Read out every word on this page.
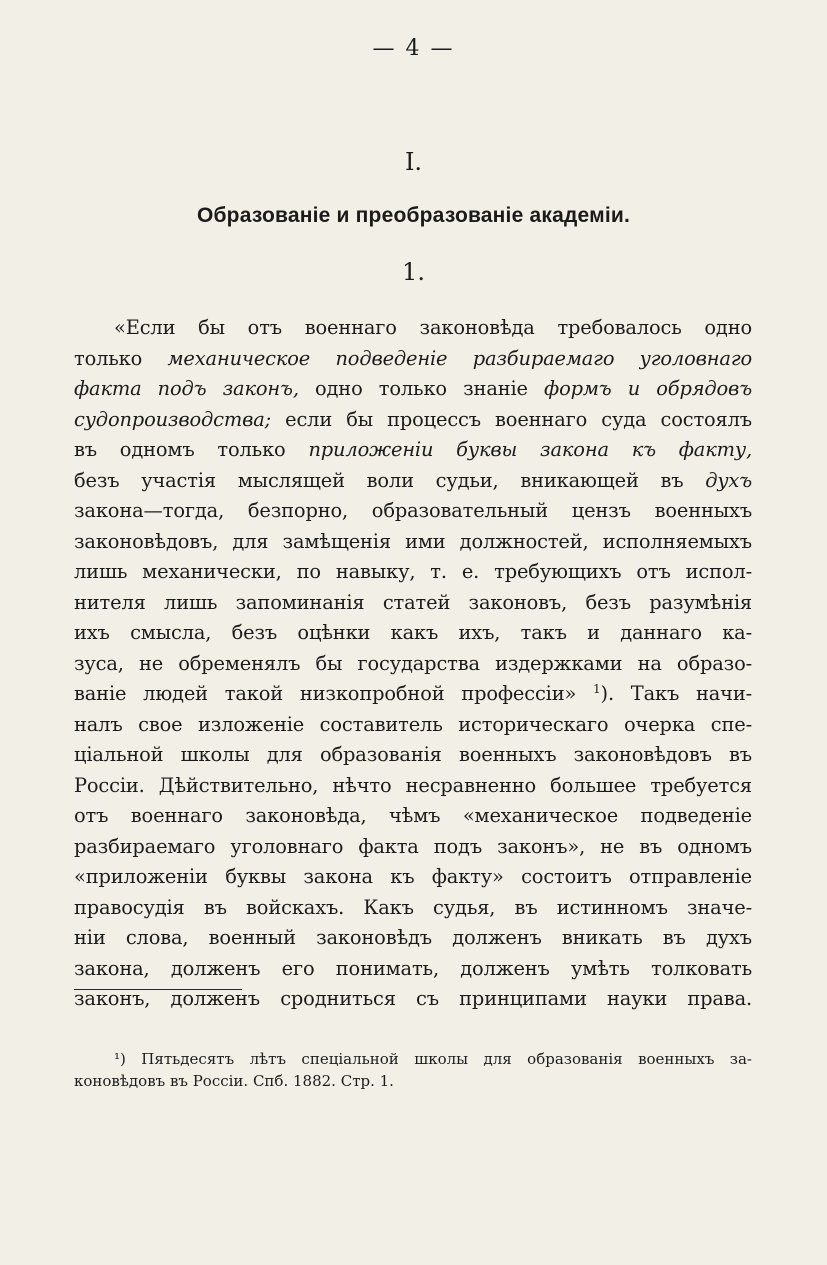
— 4 —
I.
Образованіе и преобразованіе академіи.
1.
«Если бы отъ военнаго законовѣда требовалось одно
только механическое подведеніе разбираемаго уголовнаго
факта подъ законъ, одно только знаніе формъ и обрядовъ
судопроизводства; если бы процессъ военнаго суда состоялъ
въ одномъ только приложеніи буквы закона къ факту,
безъ участія мыслящей воли судьи, вникающей въ духъ
закона—тогда, безпорно, образовательный цензъ военныхъ
законовѣдовъ, для замѣщенія ими должностей, исполняемыхъ
лишь механически, по навыку, т. е. требующихъ отъ испол-
нителя лишь запоминанія статей законовъ, безъ разумѣнія
ихъ смысла, безъ оцѣнки какъ ихъ, такъ и даннаго ка-
зуса, не обременялъ бы государства издержками на образо-
ваніе людей такой низкопробной профессіи» $^1$). Такъ начи-
налъ свое изложеніе составитель историческаго очерка спе-
ціальной школы для образованія военныхъ законовѣдовъ въ
Россіи. Дѣйствительно, нѣчто несравненно большее требуется
отъ военнаго законовѣда, чѣмъ «механическое подведеніе
разбираемаго уголовнаго факта подъ законъ», не въ одномъ
«приложеніи буквы закона къ факту» состоитъ отправленіе
правосудія въ войскахъ. Какъ судья, въ истинномъ значе-
ніи слова, военный законовѣдъ долженъ вникать въ духъ
закона, долженъ его понимать, долженъ умѣть толковать
законъ, долженъ сродниться съ принципами науки права.
¹) Пятьдесятъ лѣтъ спеціальной школы для образованія военныхъ за-
коновѣдовъ въ Россіи. Спб. 1882. Стр. 1.
